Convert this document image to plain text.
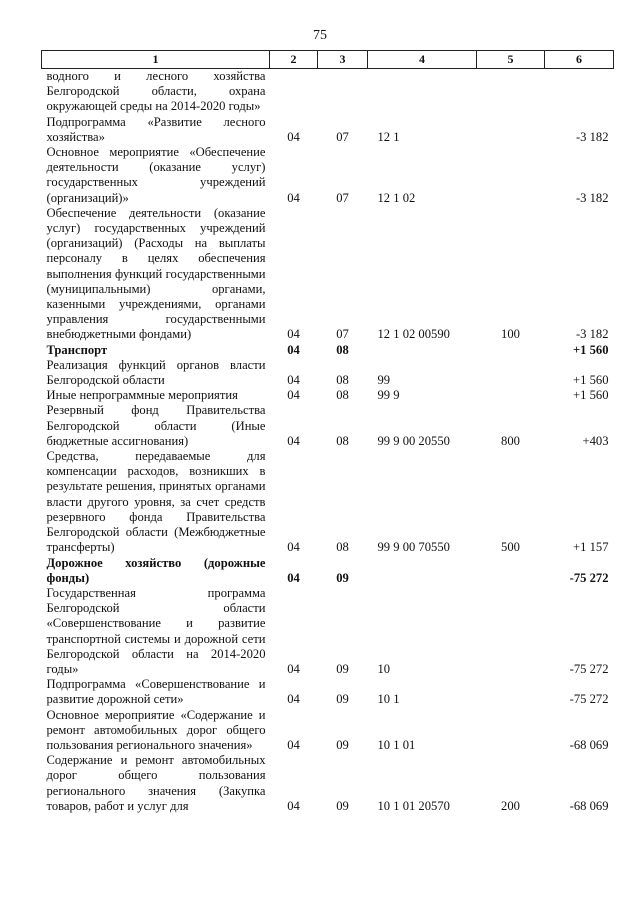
75
1	2	3	4	5	6
водного и лесного хозяйства Белгородской области, охрана окружающей среды на 2014-2020 годы»					
Подпрограмма «Развитие лесного хозяйства»	04	07	12 1		-3 182
Основное мероприятие «Обеспечение деятельности (оказание услуг) государственных учреждений (организаций)»	04	07	12 1 02		-3 182
Обеспечение деятельности (оказание услуг) государственных учреждений (организаций) (Расходы на выплаты персоналу в целях обеспечения выполнения функций государственными (муниципальными) органами, казенными учреждениями, органами управления государственными внебюджетными фондами)	04	07	12 1 02 00590	100	-3 182
Транспорт	04	08			+1 560
Реализация функций органов власти Белгородской области	04	08	99		+1 560
Иные непрограммные мероприятия	04	08	99 9		+1 560
Резервный фонд Правительства Белгородской области (Иные бюджетные ассигнования)	04	08	99 9 00 20550	800	+403
Средства, передаваемые для компенсации расходов, возникших в результате решения, принятых органами власти другого уровня, за счет средств резервного фонда Правительства Белгородской области (Межбюджетные трансферты)	04	08	99 9 00 70550	500	+1 157
Дорожное хозяйство (дорожные фонды)	04	09			-75 272
Государственная программа Белгородской области «Совершенствование и развитие транспортной системы и дорожной сети Белгородской области на 2014-2020 годы»	04	09	10		-75 272
Подпрограмма «Совершенствование и развитие дорожной сети»	04	09	10 1		-75 272
Основное мероприятие «Содержание и ремонт автомобильных дорог общего пользования регионального значения»	04	09	10 1 01		-68 069
Содержание и ремонт автомобильных дорог общего пользования регионального значения (Закупка товаров, работ и услуг для	04	09	10 1 01 20570	200	-68 069
